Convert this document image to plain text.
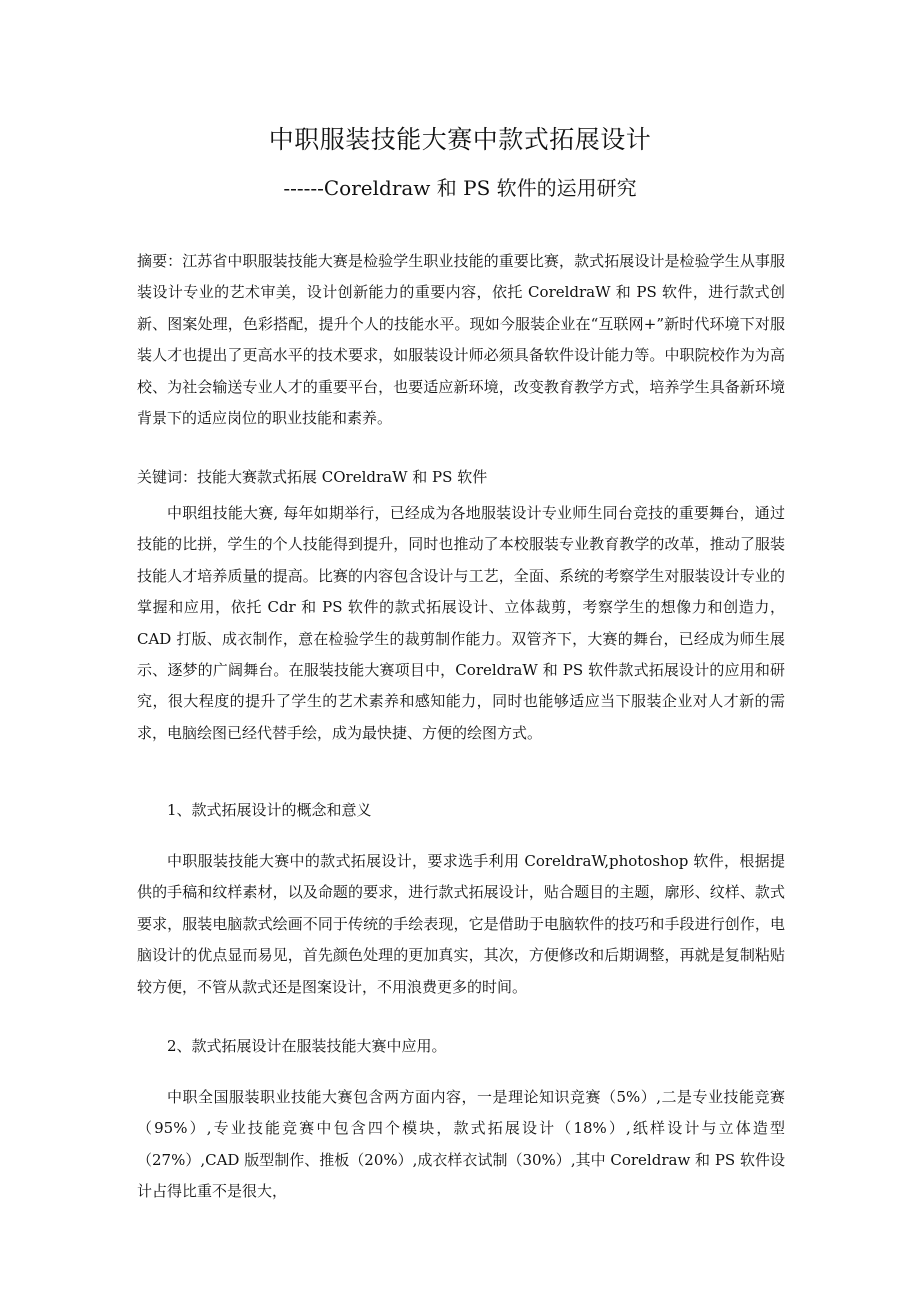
中职服装技能大赛中款式拓展设计
------Coreldraw 和 PS 软件的运用研究

摘要：江苏省中职服装技能大赛是检验学生职业技能的重要比赛，款式拓展设计是检验学生从事服装设计专业的艺术审美，设计创新能力的重要内容，依托 CoreldraW 和 PS 软件，进行款式创新、图案处理，色彩搭配，提升个人的技能水平。现如今服装企业在“互联网+”新时代环境下对服装人才也提出了更高水平的技术要求，如服装设计师必须具备软件设计能力等。中职院校作为为高校、为社会输送专业人才的重要平台，也要适应新环境，改变教育教学方式，培养学生具备新环境背景下的适应岗位的职业技能和素养。

关键词：技能大赛款式拓展 COreldraW 和 PS 软件

中职组技能大赛, 每年如期举行，已经成为各地服装设计专业师生同台竞技的重要舞台，通过技能的比拼，学生的个人技能得到提升，同时也推动了本校服装专业教育教学的改革，推动了服装技能人才培养质量的提高。比赛的内容包含设计与工艺，全面、系统的考察学生对服装设计专业的掌握和应用，依托 Cdr 和 PS 软件的款式拓展设计、立体裁剪，考察学生的想像力和创造力，CAD 打版、成衣制作，意在检验学生的裁剪制作能力。双管齐下，大赛的舞台，已经成为师生展示、逐梦的广阔舞台。在服装技能大赛项目中，CoreldraW 和 PS 软件款式拓展设计的应用和研究，很大程度的提升了学生的艺术素养和感知能力，同时也能够适应当下服装企业对人才新的需求，电脑绘图已经代替手绘，成为最快捷、方便的绘图方式。

1、款式拓展设计的概念和意义

中职服装技能大赛中的款式拓展设计，要求选手利用 CoreldraW,photoshop 软件，根据提供的手稿和纹样素材，以及命题的要求，进行款式拓展设计，贴合题目的主题，廓形、纹样、款式要求，服装电脑款式绘画不同于传统的手绘表现，它是借助于电脑软件的技巧和手段进行创作，电脑设计的优点显而易见，首先颜色处理的更加真实，其次，方便修改和后期调整，再就是复制粘贴较方便，不管从款式还是图案设计，不用浪费更多的时间。

2、款式拓展设计在服装技能大赛中应用。

中职全国服装职业技能大赛包含两方面内容，一是理论知识竞赛（5%）,二是专业技能竞赛（95%）,专业技能竞赛中包含四个模块，款式拓展设计（18%）,纸样设计与立体造型（27%）,CAD 版型制作、推板（20%）,成衣样衣试制（30%）,其中 Coreldraw 和 PS 软件设计占得比重不是很大，
